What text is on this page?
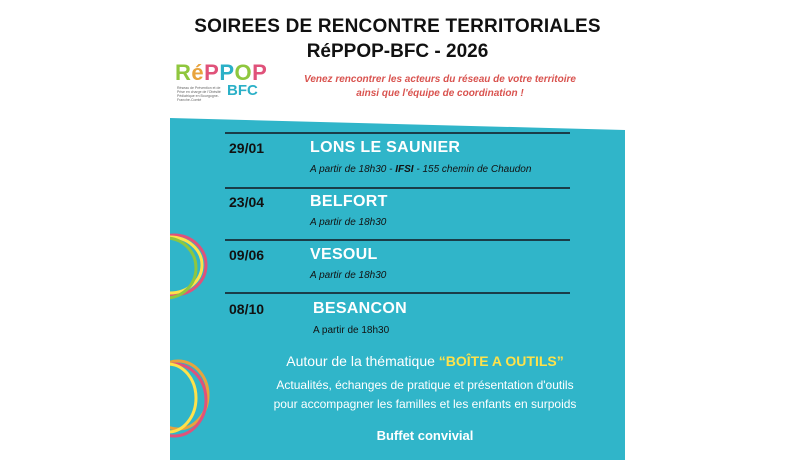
SOIREES DE RENCONTRE TERRITORIALES
RéPPOP-BFC - 2026
RéPPOP
BFC
Réseau de Prévention et de Prise en charge de l'Obésité Pédiatrique en Bourgogne-Franche-Comté
Venez rencontrer les acteurs du réseau de votre territoire
ainsi que l'équipe de coordination !
29/01	LONS LE SAUNIER
A partir de 18h30 - IFSI - 155 chemin de Chaudon
23/04	BELFORT
A partir de 18h30
09/06	VESOUL
A partir de 18h30
08/10	BESANCON
A partir de 18h30
Autour de la thématique “BOÎTE A OUTILS”
Actualités, échanges de pratique et présentation d'outils
pour accompagner les familles et les enfants en surpoids
Buffet convivial
